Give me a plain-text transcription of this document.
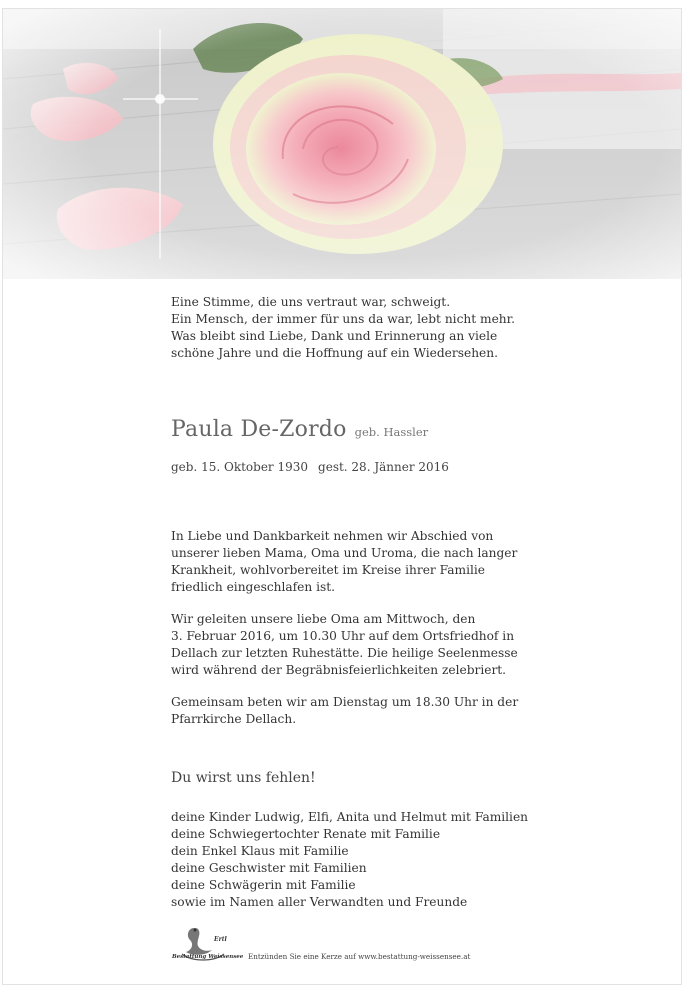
Eine Stimme, die uns vertraut war, schweigt.
Ein Mensch, der immer für uns da war, lebt nicht mehr.
Was bleibt sind Liebe, Dank und Erinnerung an viele
schöne Jahre und die Hoffnung auf ein Wiedersehen.
Paula De-Zordo geb. Hassler
geb. 15. Oktober 1930 gest. 28. Jänner 2016
In Liebe und Dankbarkeit nehmen wir Abschied von
unserer lieben Mama, Oma und Uroma, die nach langer
Krankheit, wohlvorbereitet im Kreise ihrer Familie
friedlich eingeschlafen ist.
Wir geleiten unsere liebe Oma am Mittwoch, den
3. Februar 2016, um 10.30 Uhr auf dem Ortsfriedhof in
Dellach zur letzten Ruhestätte. Die heilige Seelenmesse
wird während der Begräbnisfeierlichkeiten zelebriert.
Gemeinsam beten wir am Dienstag um 18.30 Uhr in der
Pfarrkirche Dellach.
Du wirst uns fehlen!
deine Kinder Ludwig, Elfi, Anita und Helmut mit Familien
deine Schwiegertochter Renate mit Familie
dein Enkel Klaus mit Familie
deine Geschwister mit Familien
deine Schwägerin mit Familie
sowie im Namen aller Verwandten und Freunde
Ertl
Bestattung Weissensee Entzünden Sie eine Kerze auf www.bestattung-weissensee.at
